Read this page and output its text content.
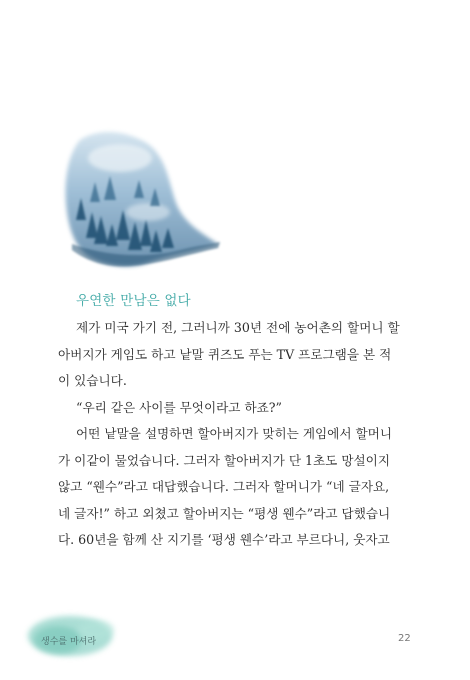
우연한 만남은 없다
제가 미국 가기 전, 그러니까 30년 전에 농어촌의 할머니 할
아버지가 게임도 하고 낱말 퀴즈도 푸는 TV 프로그램을 본 적
이 있습니다.
“우리 같은 사이를 무엇이라고 하죠?”
어떤 낱말을 설명하면 할아버지가 맞히는 게임에서 할머니
가 이같이 물었습니다. 그러자 할아버지가 단 1초도 망설이지
않고 “웬수”라고 대답했습니다. 그러자 할머니가 “네 글자요,
네 글자!” 하고 외쳤고 할아버지는 “평생 웬수”라고 답했습니
다. 60년을 함께 산 지기를 ‘평생 웬수’라고 부르다니, 웃자고
생수를 마셔라	22
